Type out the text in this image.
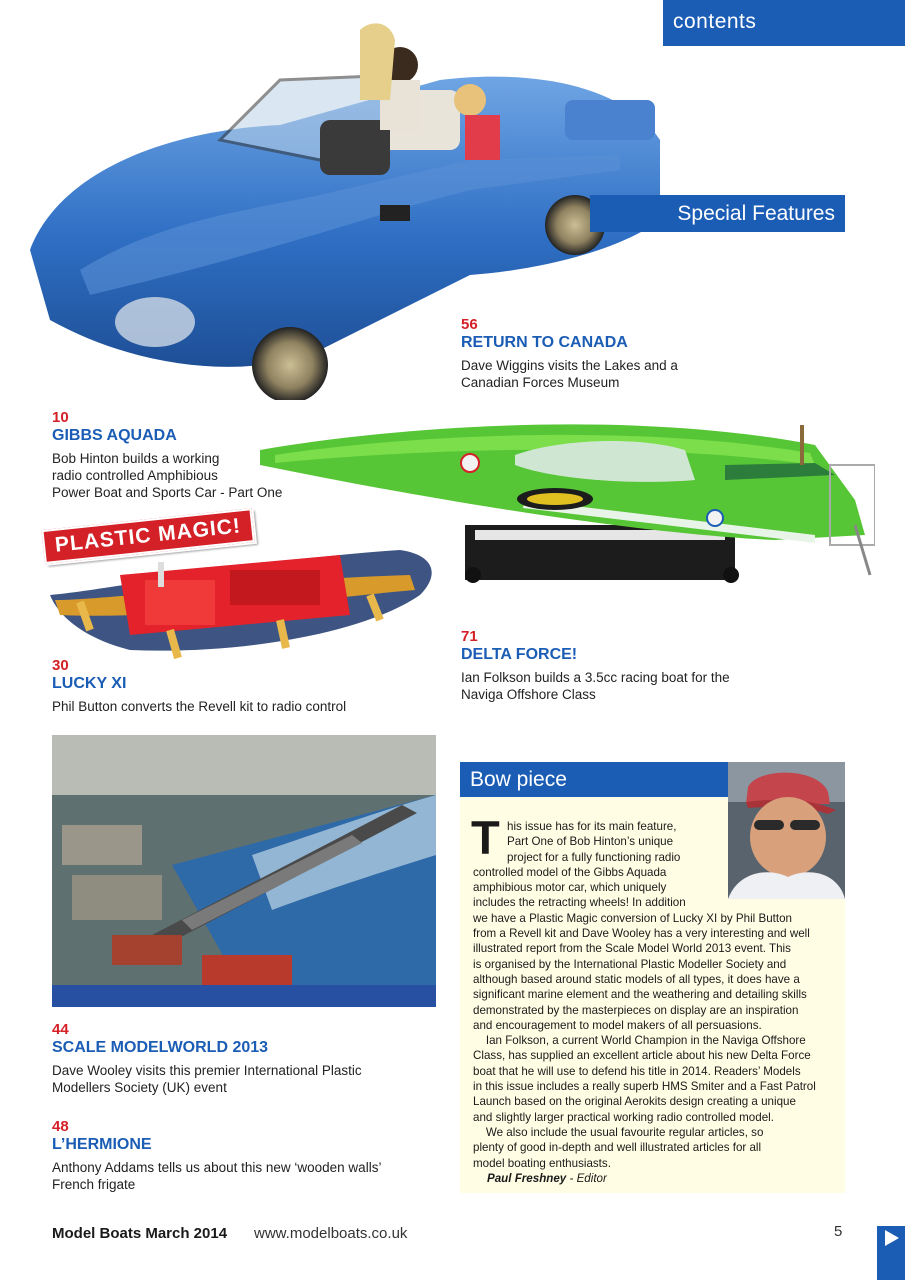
contents
Special Features
56
RETURN TO CANADA
Dave Wiggins visits the Lakes and a
Canadian Forces Museum
10
GIBBS AQUADA
Bob Hinton builds a working
radio controlled Amphibious
Power Boat and Sports Car - Part One
PLASTIC MAGIC!
71
DELTA FORCE!
Ian Folkson builds a 3.5cc racing boat for the
Naviga Offshore Class
30
LUCKY XI
Phil Button converts the Revell kit to radio control
Bow piece
T his issue has for its main feature,
Part One of Bob Hinton’s unique
project for a fully functioning radio
controlled model of the Gibbs Aquada
amphibious motor car, which uniquely
includes the retracting wheels! In addition
we have a Plastic Magic conversion of Lucky XI by Phil Button
from a Revell kit and Dave Wooley has a very interesting and well
illustrated report from the Scale Model World 2013 event. This
is organised by the International Plastic Modeller Society and
although based around static models of all types, it does have a
significant marine element and the weathering and detailing skills
demonstrated by the masterpieces on display are an inspiration
and encouragement to model makers of all persuasions.
Ian Folkson, a current World Champion in the Naviga Offshore
Class, has supplied an excellent article about his new Delta Force
boat that he will use to defend his title in 2014. Readers’ Models
in this issue includes a really superb HMS Smiter and a Fast Patrol
Launch based on the original Aerokits design creating a unique
and slightly larger practical working radio controlled model.
We also include the usual favourite regular articles, so
plenty of good in-depth and well illustrated articles for all
model boating enthusiasts.
Paul Freshney - Editor
44
SCALE MODELWORLD 2013
Dave Wooley visits this premier International Plastic
Modellers Society (UK) event
48
L’HERMIONE
Anthony Addams tells us about this new ‘wooden walls’
French frigate
Model Boats March 2014 www.modelboats.co.uk	5
